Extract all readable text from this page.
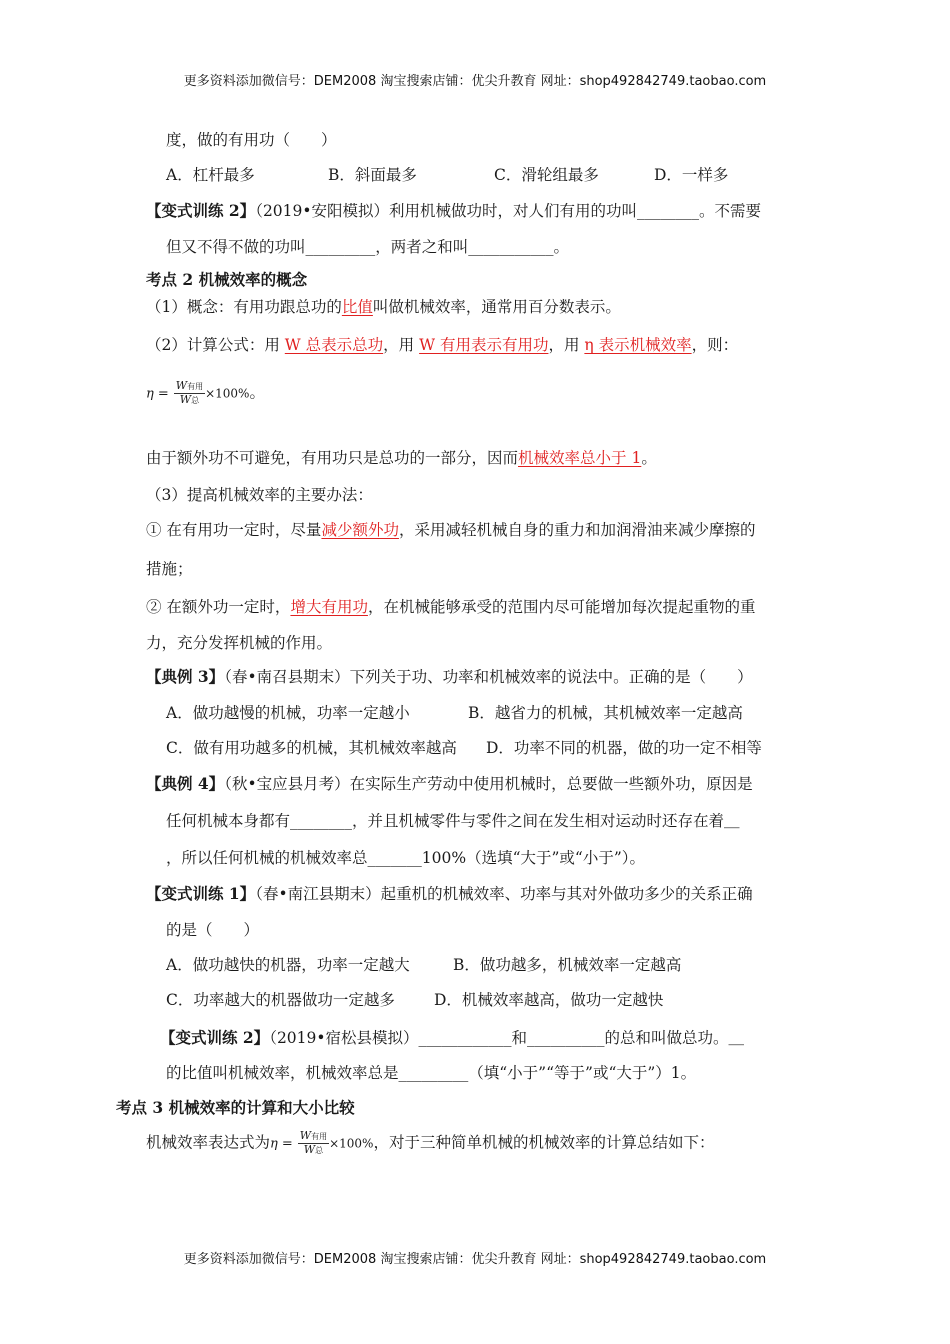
更多资料添加微信号：DEM2008 淘宝搜索店铺：优尖升教育 网址：shop492842749.taobao.com
度，做的有用功（　　）
A．杠杆最多	B．斜面最多	C．滑轮组最多	D．一样多
【变式训练 2】（2019•安阳模拟）利用机械做功时，对人们有用的功叫________。不需要
但又不得不做的功叫_________，两者之和叫___________。
考点 2 机械效率的概念
（1）概念：有用功跟总功的比值叫做机械效率，通常用百分数表示。
（2）计算公式：用 W 总表示总功，用 W 有用表示有用功，用 η 表示机械效率，则：
$\eta = \frac{\text{W有用}}{\text{W总}} \times 100\%$。
由于额外功不可避免，有用功只是总功的一部分，因而机械效率总小于 1。
（3）提高机械效率的主要办法：
① 在有用功一定时，尽量减少额外功，采用减轻机械自身的重力和加润滑油来减少摩擦的
措施；
② 在额外功一定时，增大有用功，在机械能够承受的范围内尽可能增加每次提起重物的重
力，充分发挥机械的作用。
【典例 3】（春•南召县期末）下列关于功、功率和机械效率的说法中。正确的是（　　）
A．做功越慢的机械，功率一定越小	B．越省力的机械，其机械效率一定越高
C．做有用功越多的机械，其机械效率越高 D．功率不同的机器，做的功一定不相等
【典例 4】（秋•宝应县月考）在实际生产劳动中使用机械时，总要做一些额外功，原因是
任何机械本身都有________，并且机械零件与零件之间在发生相对运动时还存在着＿
，所以任何机械的机械效率总_______100%（选填“大于”或“小于”）。
【变式训练 1】（春•南江县期末）起重机的机械效率、功率与其对外做功多少的关系正确
的是（　　）
A．做功越快的机器，功率一定越大	B．做功越多，机械效率一定越高
C．功率越大的机器做功一定越多	D．机械效率越高，做功一定越快
【变式训练 2】（2019•宿松县模拟）____________和__________的总和叫做总功。＿
的比值叫机械效率，机械效率总是_________（填“小于”“等于”或“大于”）1。
考点 3 机械效率的计算和大小比较
机械效率表达式为$\eta = \frac{\text{W有用}}{\text{W总}} \times 100\%$，对于三种简单机械的机械效率的计算总结如下：
更多资料添加微信号：DEM2008 淘宝搜索店铺：优尖升教育 网址：shop492842749.taobao.com
